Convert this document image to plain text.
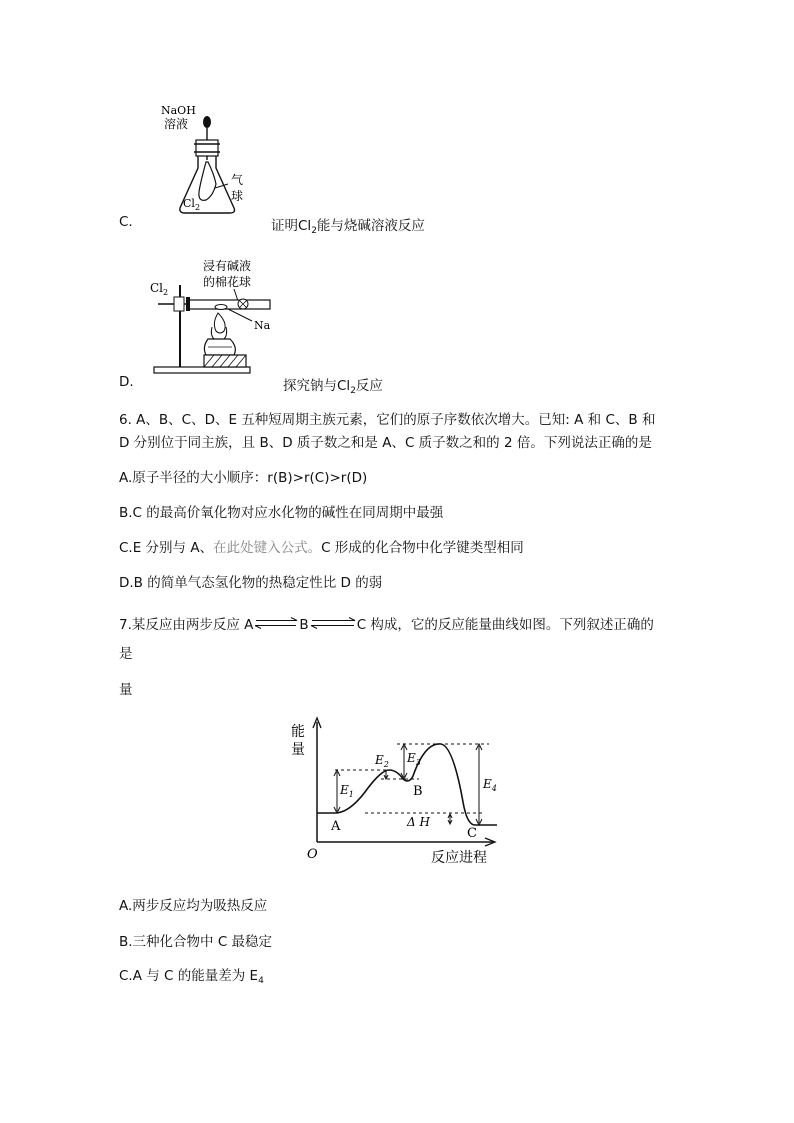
NaOH
溶液
气
球
$Cl_2$
C.	证明$Cl_2$能与烧碱溶液反应
浸有碱液
的棉花球
$Cl_2$
Na
D.	探究钠与$Cl_2$反应
6. A、B、C、D、E 五种短周期主族元素，它们的原子序数依次增大。已知: A 和 C、B 和
D 分别位于同主族，且 B、D 质子数之和是 A、C 质子数之和的 2 倍。下列说法正确的是
A.原子半径的大小顺序：r(B)>r(C)>r(D)
B.C 的最高价氧化物对应水化物的碱性在同周期中最强
C.E 分别与 A、在此处键入公式。C 形成的化合物中化学键类型相同
D.B 的简单气态氢化物的热稳定性比 D 的弱
7.某反应由两步反应 A⇌B⇌C 构成，它的反应能量曲线如图。下列叙述正确的
是
量
能
量
反应进程
O
$E_1$
$E_2$ $E_3$
$E_4$
Δ H
A
B
C
A.两步反应均为吸热反应
B.三种化合物中 C 最稳定
C.A 与 C 的能量差为 $E_4$
